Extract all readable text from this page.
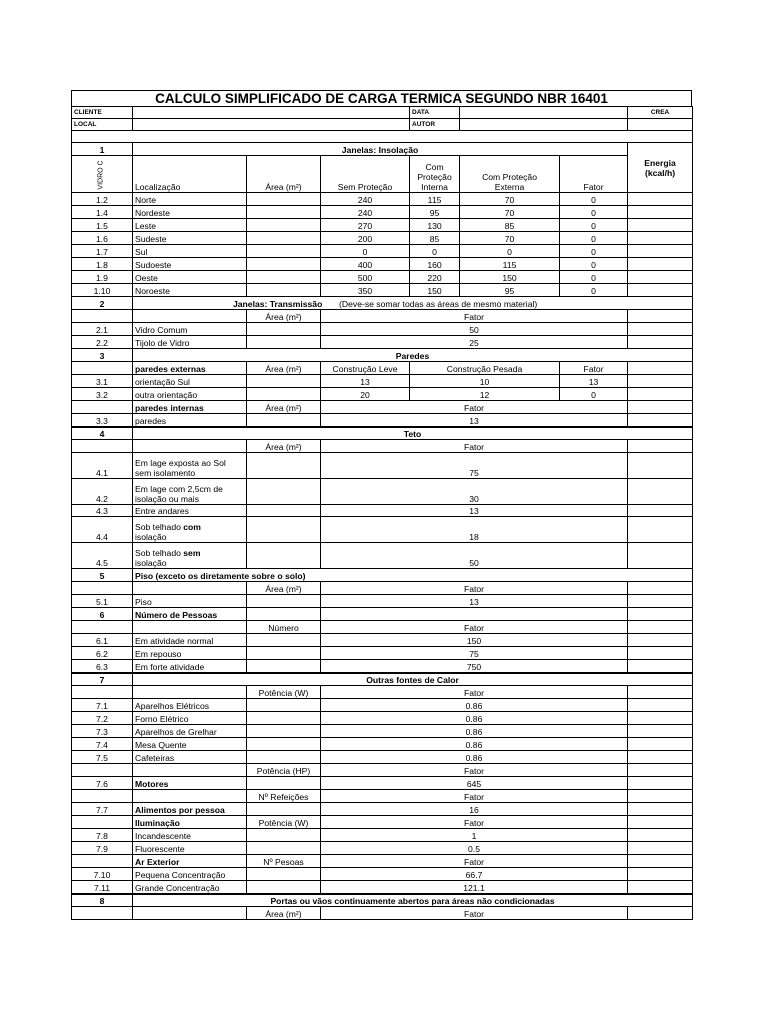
CALCULO SIMPLIFICADO DE CARGA TERMICA SEGUNDO NBR 16401
CLIENTE				DATA			CREA
LOCAL				AUTOR			

1	Janelas: Insolação						Energia
(kcal/h)
VIDRO C	Localização	Área (m²)	Sem Proteção	Com
Proteção
Interna	Com Proteção
Externa	Fator	
1.2	Norte		240	115	70	0	
1.4	Nordeste		240	95	70	0	
1.5	Leste		270	130	85	0	
1.6	Sudeste		200	85	70	0	
1.7	Sul		0	0	0	0	
1.8	Sudoeste		400	160	115	0	
1.9	Oeste		500	220	150	0	
1.10	Noroeste		350	150	95	0	
2	Janelas: Transmissão (Deve-se somar todas as áreas de mesmo material)						
		Área (m²)	Fator				
2.1	Vidro Comum		50				
2.2	Tijolo de Vidro		25				
3	Paredes						
	paredes externas	Área (m²)	Construção Leve	Construção Pesada		Fator	
3.1	orientação Sul		13	10		13	
3.2	outra orientação		20	12		0	
	paredes internas	Área (m²)	Fator				
3.3	paredes		13				
4	Teto						
		Área (m²)	Fator				
4.1	Em lage exposta ao Sol
sem isolamento		75				
4.2	Em lage com 2,5cm de
isolação ou mais		30				
4.3	Entre andares		13				
4.4	Sob telhado com
isolação		18				
4.5	Sob telhado sem
isolação		50				
5	Piso (exceto os diretamente sobre o solo)						
		Área (m²)	Fator				
5.1	Piso		13				
6	Número de Pessoas						
		Número	Fator				
6.1	Em atividade normal		150				
6.2	Em repouso		75				
6.3	Em forte atividade		750				
7	Outras fontes de Calor						
		Potência (W)	Fator				
7.1	Aparelhos Elétricos		0.86				
7.2	Forno Elétrico		0.86				
7.3	Aparelhos de Grelhar		0.86				
7.4	Mesa Quente		0.86				
7.5	Cafeteiras		0.86				
		Potência (HP)	Fator				
7.6	Motores		645				
		Nº Refeições	Fator				
7.7	Alimentos por pessoa		16				
	Iluminação	Potência (W)	Fator				
7.8	Incandescente		1				
7.9	Fluorescente		0.5				
	Ar Exterior	Nº Pesoas	Fator				
7.10	Pequena Concentração		66.7				
7.11	Grande Concentração		121.1				
8	Portas ou vãos continuamente abertos para áreas não condicionadas						
		Área (m²)	Fator				
